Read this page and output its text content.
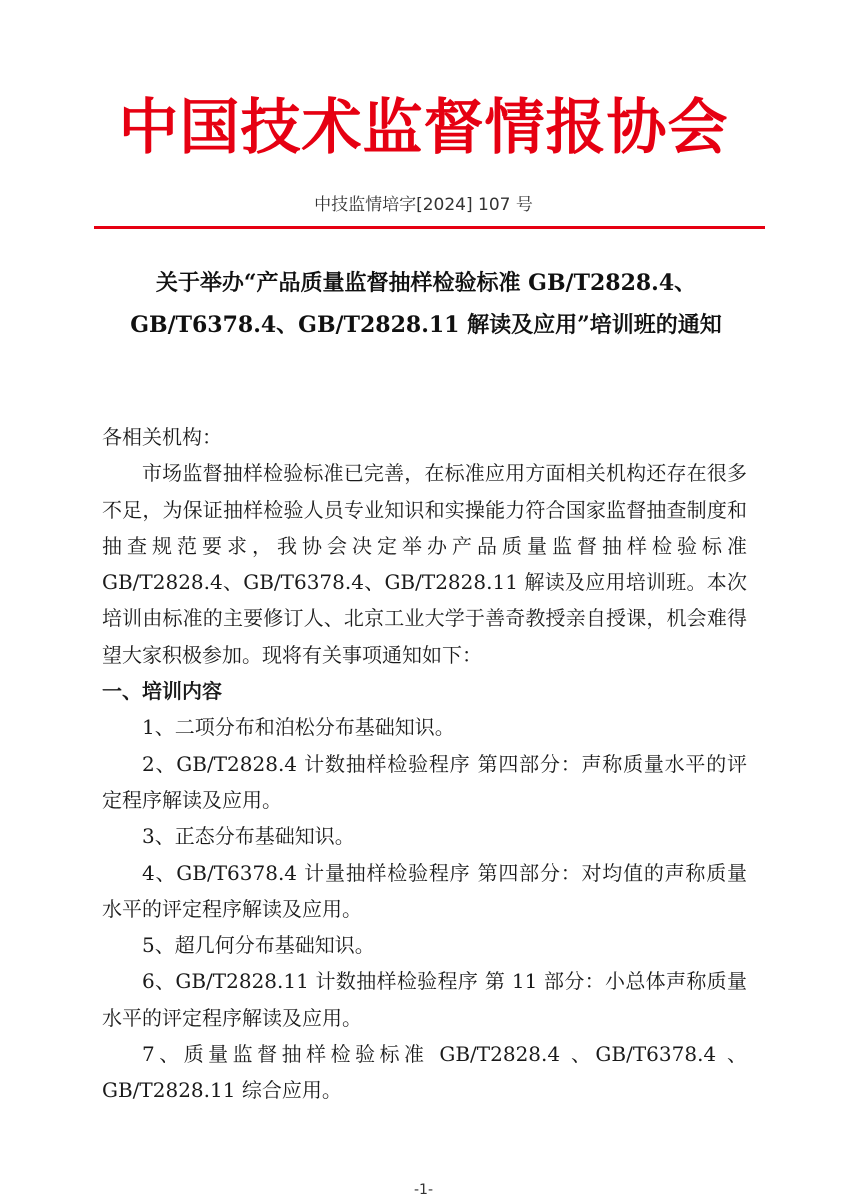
中国技术监督情报协会
中技监情培字[2024] 107 号
关于举办“产品质量监督抽样检验标准 GB/T2828.4、
GB/T6378.4、GB/T2828.11 解读及应用”培训班的通知

各相关机构：

市场监督抽样检验标准已完善，在标准应用方面相关机构还存在很多不足，为保证抽样检验人员专业知识和实操能力符合国家监督抽查制度和抽查规范要求，我协会决定举办产品质量监督抽样检验标准 GB/T2828.4、GB/T6378.4、GB/T2828.11 解读及应用培训班。本次培训由标准的主要修订人、北京工业大学于善奇教授亲自授课，机会难得望大家积极参加。现将有关事项通知如下：

一、培训内容

1、二项分布和泊松分布基础知识。

2、GB/T2828.4 计数抽样检验程序 第四部分：声称质量水平的评定程序解读及应用。

3、正态分布基础知识。

4、GB/T6378.4 计量抽样检验程序 第四部分：对均值的声称质量水平的评定程序解读及应用。

5、超几何分布基础知识。

6、GB/T2828.11 计数抽样检验程序 第 11 部分：小总体声称质量水平的评定程序解读及应用。

7、质量监督抽样检验标准 GB/T2828.4 、GB/T6378.4 、GB/T2828.11 综合应用。

-1-
